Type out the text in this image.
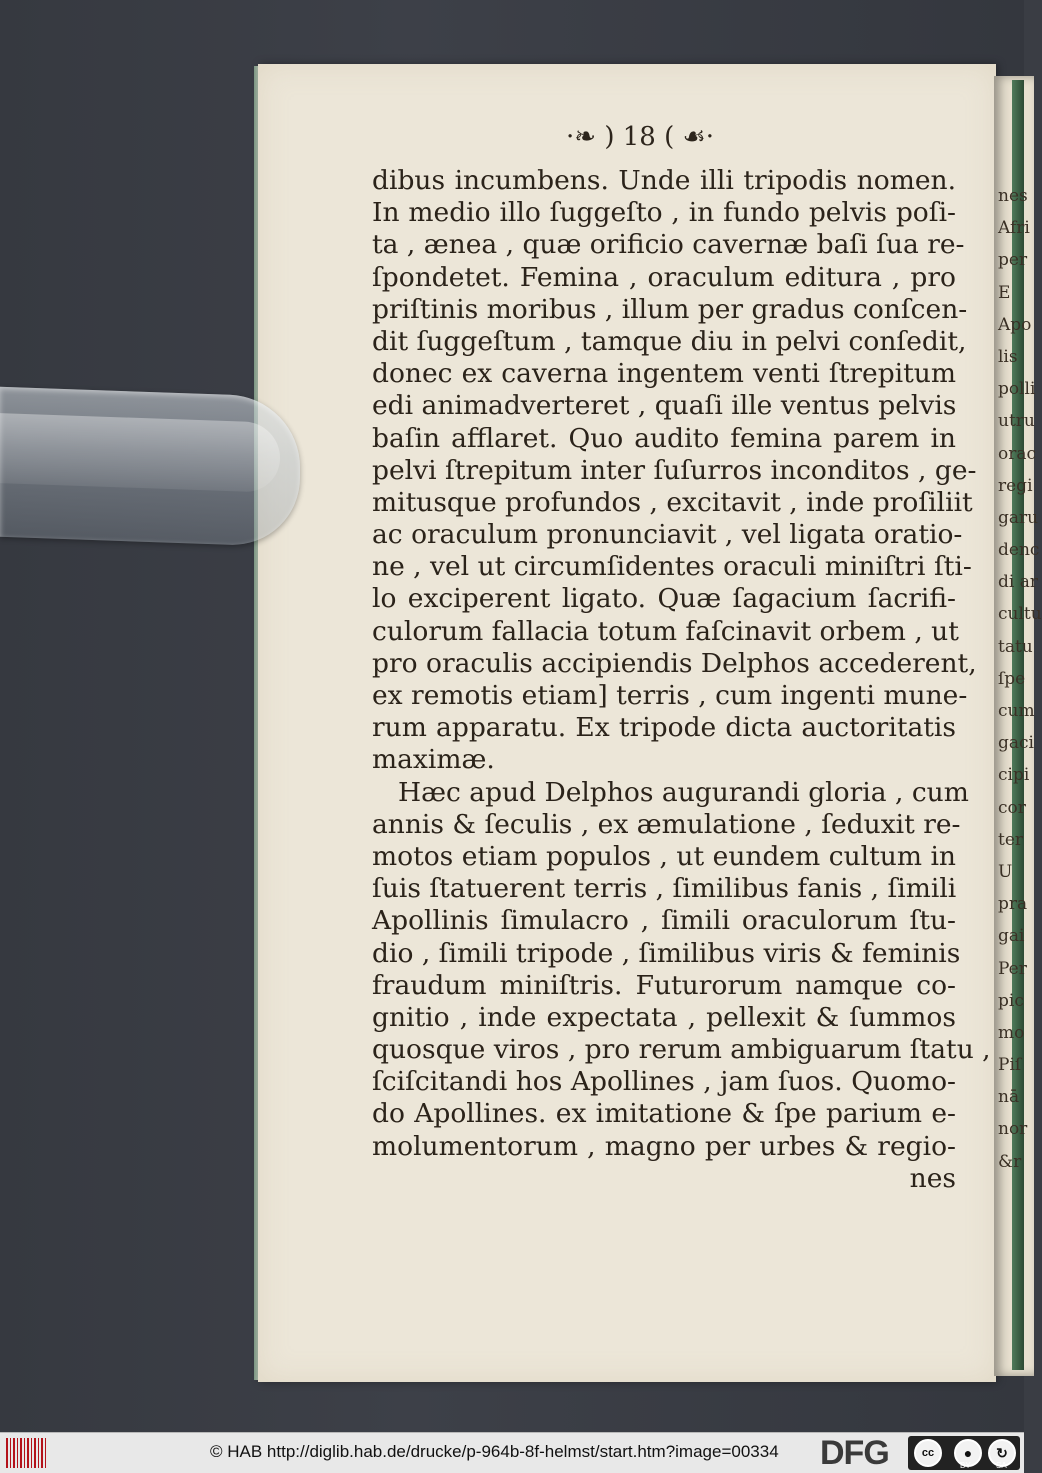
nes
Afri
per
E
Apo
lis
polli
utru
orac
regi
garu
denc
di ar
cultu
tatu
ſpe
cum
gaci
cipi
cor
ter
U
pra
gai
Per
pic
mo
Piſ
nā
nor
&r
·❧ ) 18 ( ☙·
dibus incumbens. Unde illi tripodis nomen.
In medio illo ſuggeſto , in fundo pelvis poſi-
ta , ænea , quæ orificio cavernæ baſi ſua re-
ſpondetet. Femina , oraculum editura , pro
priſtinis moribus , illum per gradus conſcen-
dit ſuggeſtum , tamque diu in pelvi conſedit,
donec ex caverna ingentem venti ſtrepitum
edi animadverteret , quaſi ille ventus pelvis
baſin afflaret. Quo audito femina parem in
pelvi ſtrepitum inter ſuſurros inconditos , ge-
mitusque profundos , excitavit , inde proſiliit
ac oraculum pronunciavit , vel ligata oratio-
ne , vel ut circumſidentes oraculi miniſtri ſti-
lo exciperent ligato. Quæ ſagacium ſacrifi-
culorum fallacia totum faſcinavit orbem , ut
pro oraculis accipiendis Delphos accederent,
ex remotis etiam] terris , cum ingenti mune-
rum apparatu. Ex tripode dicta auctoritatis
maximæ.
Hæc apud Delphos augurandi gloria , cum
annis & ſeculis , ex æmulatione , ſeduxit re-
motos etiam populos , ut eundem cultum in
ſuis ſtatuerent terris , ſimilibus fanis , ſimili
Apollinis ſimulacro , ſimili oraculorum ſtu-
dio , ſimili tripode , ſimilibus viris & feminis
fraudum miniſtris. Futurorum namque co-
gnitio , inde expectata , pellexit & ſummos
quosque viros , pro rerum ambiguarum ſtatu ,
ſciſcitandi hos Apollines , jam ſuos. Quomo-
do Apollines. ex imitatione & ſpe parium e-
molumentorum , magno per urbes & regio-
nes
© HAB http://diglib.hab.de/drucke/p-964b-8f-helmst/start.htm?image=00334 DFG	cc	●	↻
BY	SA
